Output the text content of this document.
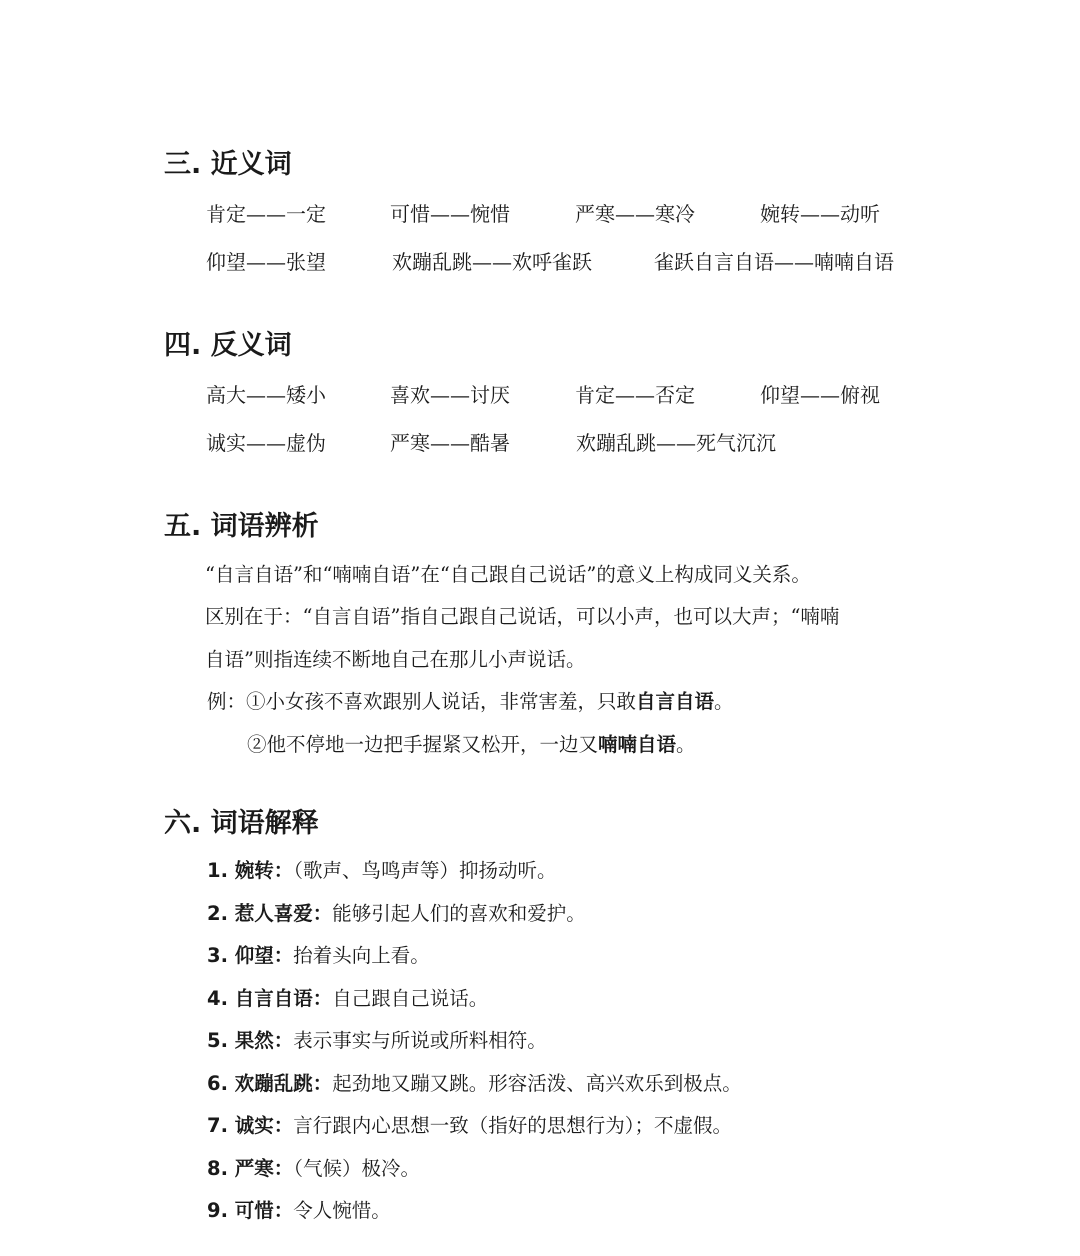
三. 近义词
肯定——一定	可惜——惋惜	严寒——寒冷	婉转——动听
仰望——张望	欢蹦乱跳——欢呼雀跃	雀跃自言自语——喃喃自语
四. 反义词
高大——矮小	喜欢——讨厌	肯定——否定	仰望——俯视
诚实——虚伪	严寒——酷暑	欢蹦乱跳——死气沉沉
五. 词语辨析
“自言自语”和“喃喃自语”在“自己跟自己说话”的意义上构成同义关系。
区别在于：“自言自语”指自己跟自己说话，可以小声，也可以大声；“喃喃
自语”则指连续不断地自己在那儿小声说话。
例：①小女孩不喜欢跟别人说话，非常害羞，只敢自言自语。
②他不停地一边把手握紧又松开，一边又喃喃自语。
六. 词语解释
1. 婉转：（歌声、鸟鸣声等）抑扬动听。
2. 惹人喜爱：能够引起人们的喜欢和爱护。
3. 仰望：抬着头向上看。
4. 自言自语：自己跟自己说话。
5. 果然：表示事实与所说或所料相符。
6. 欢蹦乱跳：起劲地又蹦又跳。形容活泼、高兴欢乐到极点。
7. 诚实：言行跟内心思想一致（指好的思想行为）；不虚假。
8. 严寒：（气候）极冷。
9. 可惜：令人惋惜。
